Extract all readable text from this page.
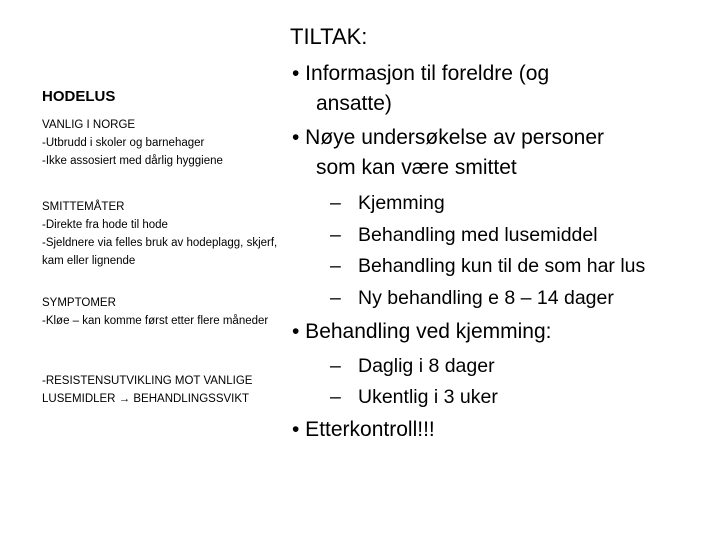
HODELUS
VANLIG I NORGE
-Utbrudd i skoler og barnehager
-Ikke assosiert med dårlig hyggiene
SMITTEMÅTER
-Direkte fra hode til hode
-Sjeldnere via felles bruk av hodeplagg, skjerf, kam eller lignende
SYMPTOMER
-Kløe – kan komme først etter flere måneder
-RESISTENSUTVIKLING MOT VANLIGE
LUSEMIDLER → BEHANDLINGSSVIKT
TILTAK:
• Informasjon til foreldre (og
ansatte)
• Nøye undersøkelse av personer
som kan være smittet
– Kjemming
– Behandling med lusemiddel
– Behandling kun til de som har lus
– Ny behandling e 8 – 14 dager
• Behandling ved kjemming:
– Daglig i 8 dager
– Ukentlig i 3 uker
• Etterkontroll!!!
